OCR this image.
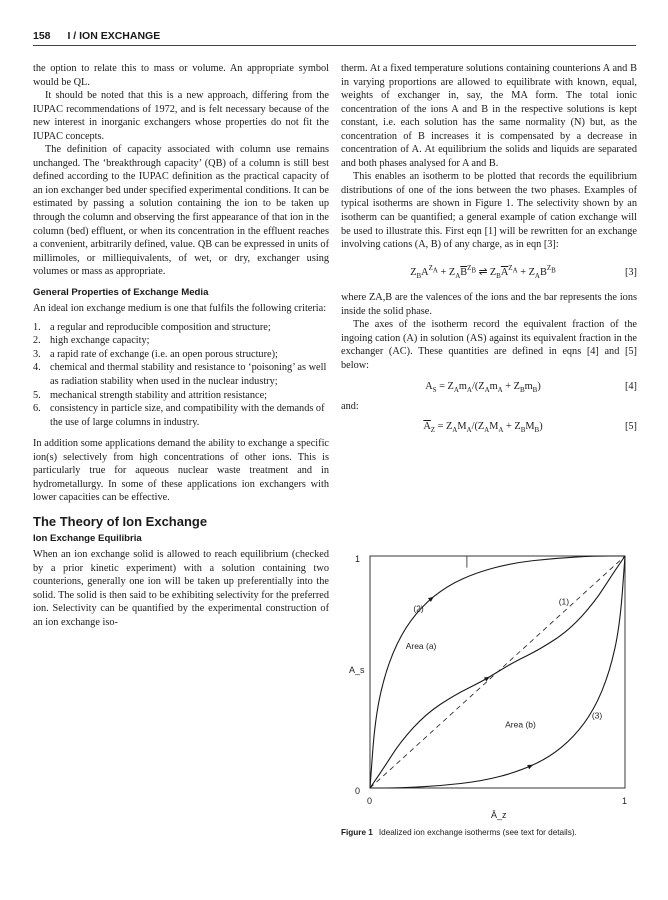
158 I / ION EXCHANGE

the option to relate this to mass or volume. An appropriate symbol would be QL.

It should be noted that this is a new approach, differing from the IUPAC recommendations of 1972, and is felt necessary because of the new interest in inorganic exchangers whose properties do not fit the IUPAC concepts.

The definition of capacity associated with column use remains unchanged. The ‘breakthrough capacity’ (QB) of a column is still best defined according to the IUPAC definition as the practical capacity of an ion exchanger bed under specified experimental conditions. It can be estimated by passing a solution containing the ion to be taken up through the column and observing the first appearance of that ion in the column (bed) effluent, or when its concentration in the effluent reaches a convenient, arbitrarily defined, value. QB can be expressed in units of millimoles, or milliequivalents, of wet, or dry, exchanger using volumes or mass as appropriate.

General Properties of Exchange Media

An ideal ion exchange medium is one that fulfils the following criteria:

1. a regular and reproducible composition and structure;
2. high exchange capacity;
3. a rapid rate of exchange (i.e. an open porous structure);
4. chemical and thermal stability and resistance to ‘poisoning’ as well as radiation stability when used in the nuclear industry;
5. mechanical strength stability and attrition resistance;
6. consistency in particle size, and compatibility with the demands of the use of large columns in industry.

In addition some applications demand the ability to exchange a specific ion(s) selectively from high concentrations of other ions. This is particularly true for aqueous nuclear waste treatment and in hydrometallurgy. In some of these applications ion exchangers with lower capacities can be effective.

The Theory of Ion Exchange

Ion Exchange Equilibria

When an ion exchange solid is allowed to reach equilibrium (checked by a prior kinetic experiment) with a solution containing two counterions, generally one ion will be taken up preferentially into the solid. The solid is then said to be exhibiting selectivity for the preferred ion. Selectivity can be quantified by the experimental construction of an ion exchange iso-

therm. At a fixed temperature solutions containing counterions A and B in varying proportions are allowed to equilibrate with known, equal, weights of exchanger in, say, the MA form. The total ionic concentration of the ions A and B in the respective solutions is kept constant, i.e. each solution has the same normality (N) but, as the concentration of B increases it is compensated by a decrease in concentration of A. At equilibrium the solids and liquids are separated and both phases analysed for A and B.

This enables an isotherm to be plotted that records the equilibrium distributions of one of the ions between the two phases. Examples of typical isotherms are shown in Figure 1. The selectivity shown by an isotherm can be quantified; a general example of cation exchange will be used to illustrate this. First eqn [1] will be rewritten for an exchange involving cations (A, B) of any charge, as in eqn [3]:

$Z_BA^{Z_A} + Z_A\overline{B}^{Z_B}$ ⇌ $Z_B\overline{A}^{Z_A} + Z_AB^{Z_B}$	[3]

where ZA,B are the valences of the ions and the bar represents the ions inside the solid phase.

The axes of the isotherm record the equivalent fraction of the ingoing cation (A) in solution (AS) against its equivalent fraction in the exchanger (AC). These quantities are defined in eqns [4] and [5] below:

$A_S = Z_Am_A/(Z_Am_A + Z_Bm_B)$	[4]

and:

$\overline{A}_Z = Z_AM_A/(Z_AM_A + Z_BM_B)$	[5]
1
0
0	1
A_s
Ā_z
(2)
(1)
Area (a)
(3)
Area (b)
Figure 1 Idealized ion exchange isotherms (see text for details).
